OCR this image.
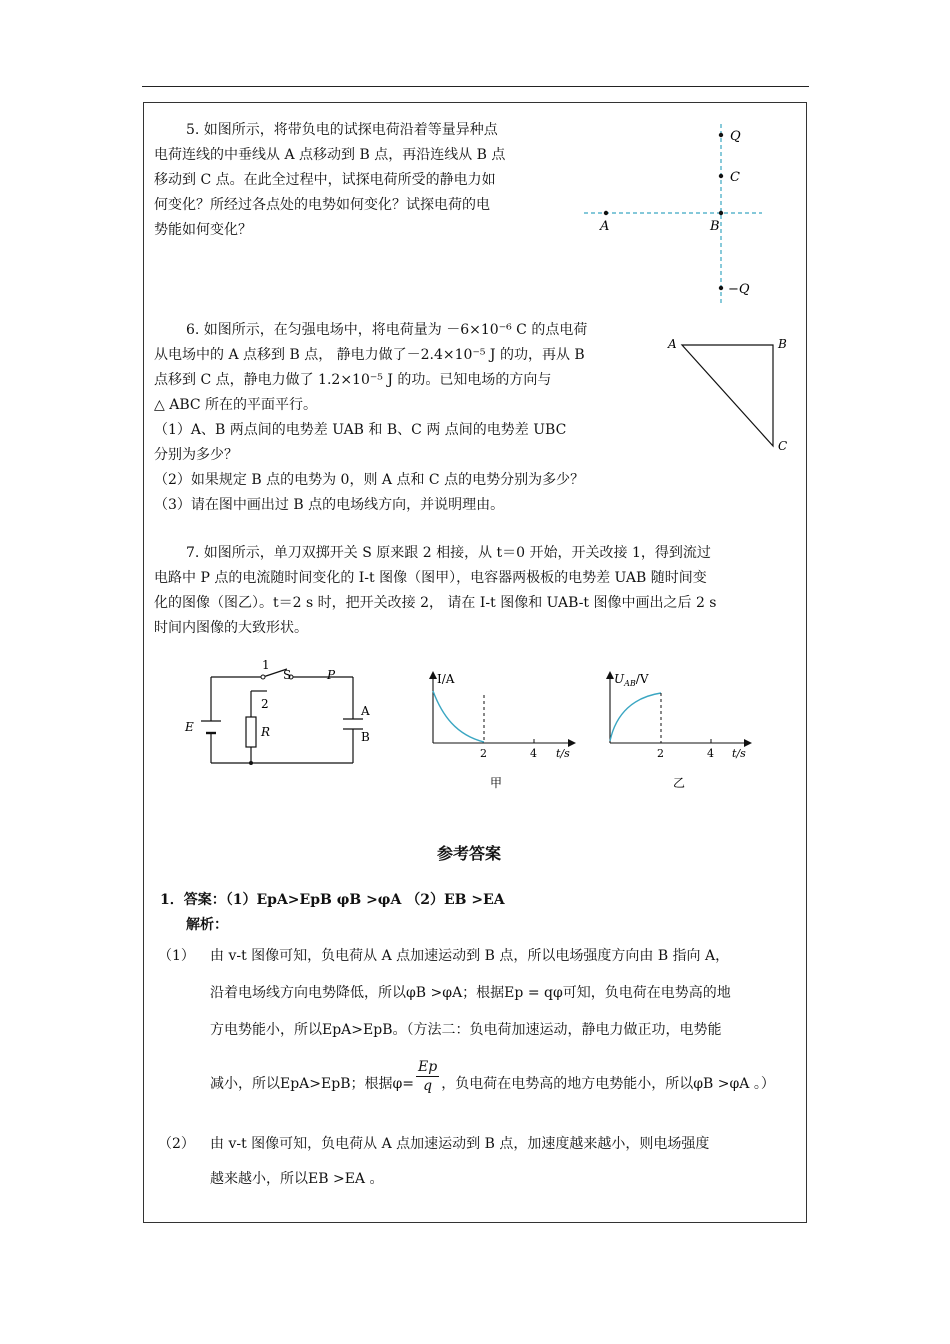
5. 如图所示，将带负电的试探电荷沿着等量异种点
电荷连线的中垂线从 A 点移动到 B 点，再沿连线从 B 点
移动到 C 点。在此全过程中，试探电荷所受的静电力如
何变化？所经过各点处的电势如何变化？试探电荷的电
势能如何变化？
Q
C
A	B
−Q
6. 如图所示，在匀强电场中，将电荷量为 －6×10⁻⁶ C 的点电荷
从电场中的 A 点移到 B 点， 静电力做了－2.4×10⁻⁵ J 的功，再从 B
点移到 C 点，静电力做了 1.2×10⁻⁵ J 的功。已知电场的方向与
△ ABC 所在的平面平行。
（1）A、B 两点间的电势差 UAB 和 B、C 两 点间的电势差 UBC
分别为多少？
（2）如果规定 B 点的电势为 0，则 A 点和 C 点的电势分别为多少？
（3）请在图中画出过 B 点的电场线方向，并说明理由。
A	B
C
7. 如图所示，单刀双掷开关 S 原来跟 2 相接，从 t＝0 开始，开关改接 1，得到流过
电路中 P 点的电流随时间变化的 I-t 图像（图甲），电容器两极板的电势差 UAB 随时间变
化的图像（图乙）。t＝2 s 时，把开关改接 2， 请在 I-t 图像和 UAB-t 图像中画出之后 2 s
时间内图像的大致形状。
1
S	P
2
E	R
A
B
I/A
2	4 t/s
甲
$U_{AB}/V$
2	4 t/s
乙
参考答案
1．答案：（1）EpA>EpB φB >φA （2）EB >EA
解析：
（1） 由 v-t 图像可知，负电荷从 A 点加速运动到 B 点，所以电场强度方向由 B 指向 A，
沿着电场线方向电势降低，所以φB >φA；根据Ep = qφ可知，负电荷在电势高的地
方电势能小，所以EpA>EpB。（方法二：负电荷加速运动，静电力做正功，电势能
减小，所以EpA>EpB；根据$\varphi= \frac{Ep}{q}$ ，负电荷在电势高的地方电势能小，所以φB >φA 。）
（2） 由 v-t 图像可知，负电荷从 A 点加速运动到 B 点，加速度越来越小，则电场强度
越来越小，所以EB >EA 。
